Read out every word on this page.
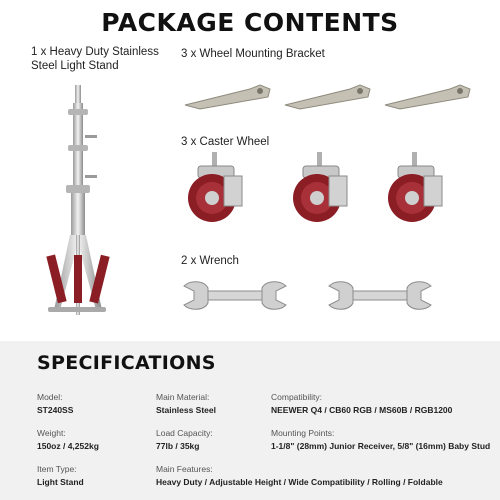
PACKAGE CONTENTS
1 x Heavy Duty Stainless
Steel Light Stand
3 x Wheel Mounting Bracket
3 x Caster Wheel
2 x Wrench
SPECIFICATIONS
Model:
ST240SS
Main Material:
Stainless Steel
Compatibility:
NEEWER Q4 / CB60 RGB / MS60B / RGB1200
Weight:
150oz / 4,252kg
Load Capacity:
77lb / 35kg
Mounting Points:
1-1/8" (28mm) Junior Receiver, 5/8" (16mm) Baby Stud
Item Type:
Light Stand
Main Features:
Heavy Duty / Adjustable Height / Wide Compatibility / Rolling / Foldable
